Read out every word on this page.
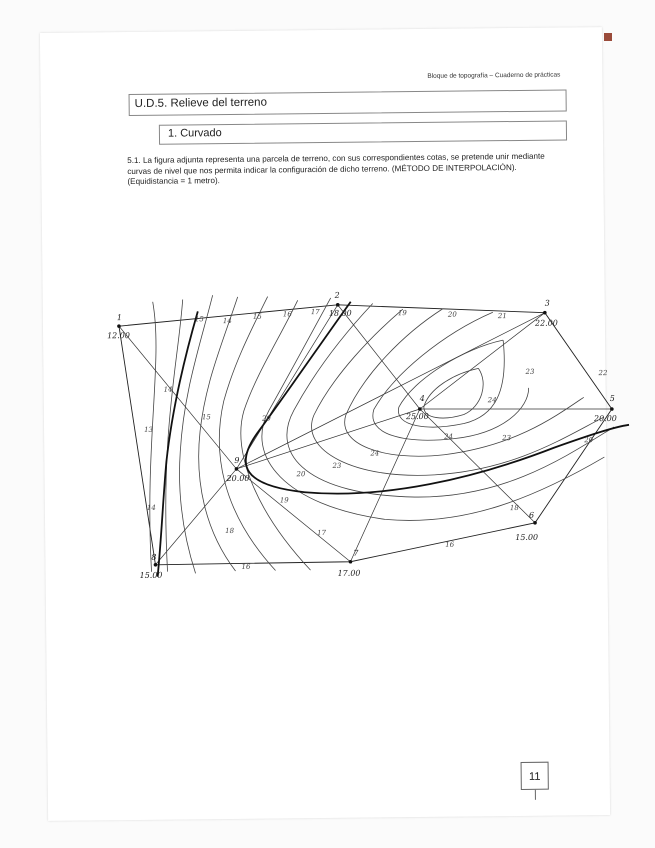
Bloque de topografía – Cuaderno de prácticas
U.D.5. Relieve del terreno
1. Curvado
5.1. La figura adjunta representa una parcela de terreno, con sus correspondientes cotas, se pretende unir mediante curvas de nivel que nos permita indicar la configuración de dicho terreno. (MÉTODO DE INTERPOLACIÓN). (Equidistancia = 1 metro).
15	14
15	16	17	19	20	21
13
14
14
15	20
20
23
24
24	23
23
24
20
22
16
16
17
19
18
18
1
12.00
2
18.00
3
22.00
4
25.00
5
20.00
6
15.00
7
17.00
8
15.00
9
20.00
11
